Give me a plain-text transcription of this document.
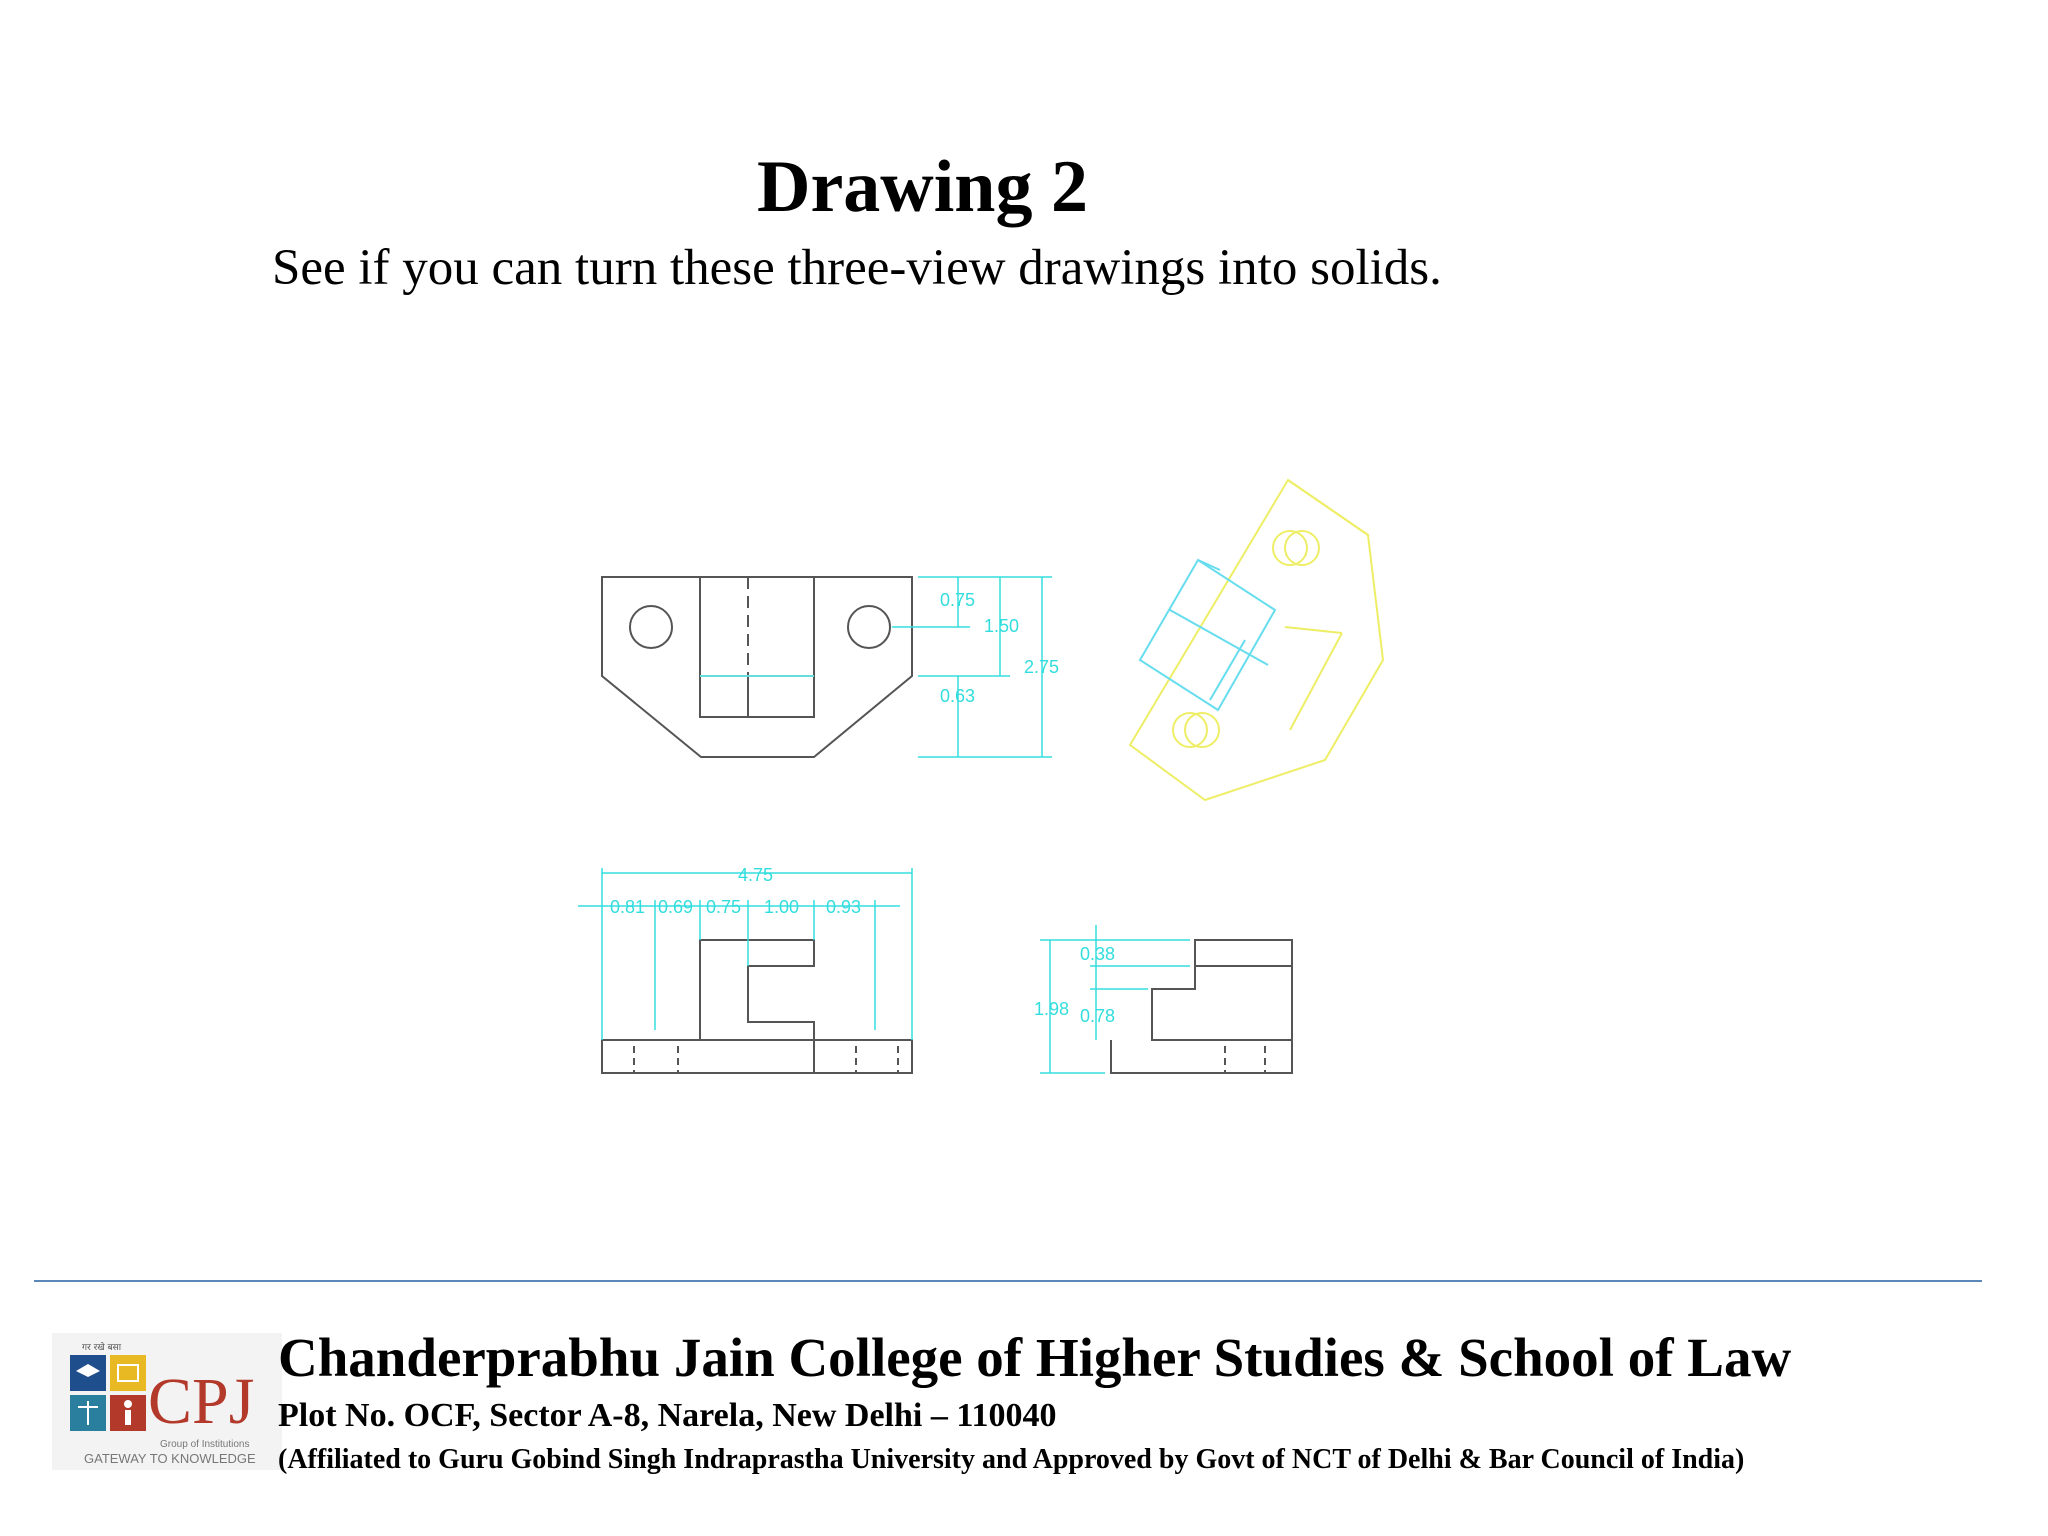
Drawing 2
See if you can turn these three-view drawings into solids.
0.75
1.50
2.75
0.63
4.75
0.81 0.69 0.75 1.00 0.93
0.38
1.98 0.78
गर रखे बसा
CPJ
Group of Institutions
GATEWAY TO KNOWLEDGE
Chanderprabhu Jain College of Higher Studies & School of Law
Plot No. OCF, Sector A-8, Narela, New Delhi – 110040
(Affiliated to Guru Gobind Singh Indraprastha University and Approved by Govt of NCT of Delhi & Bar Council of India)
